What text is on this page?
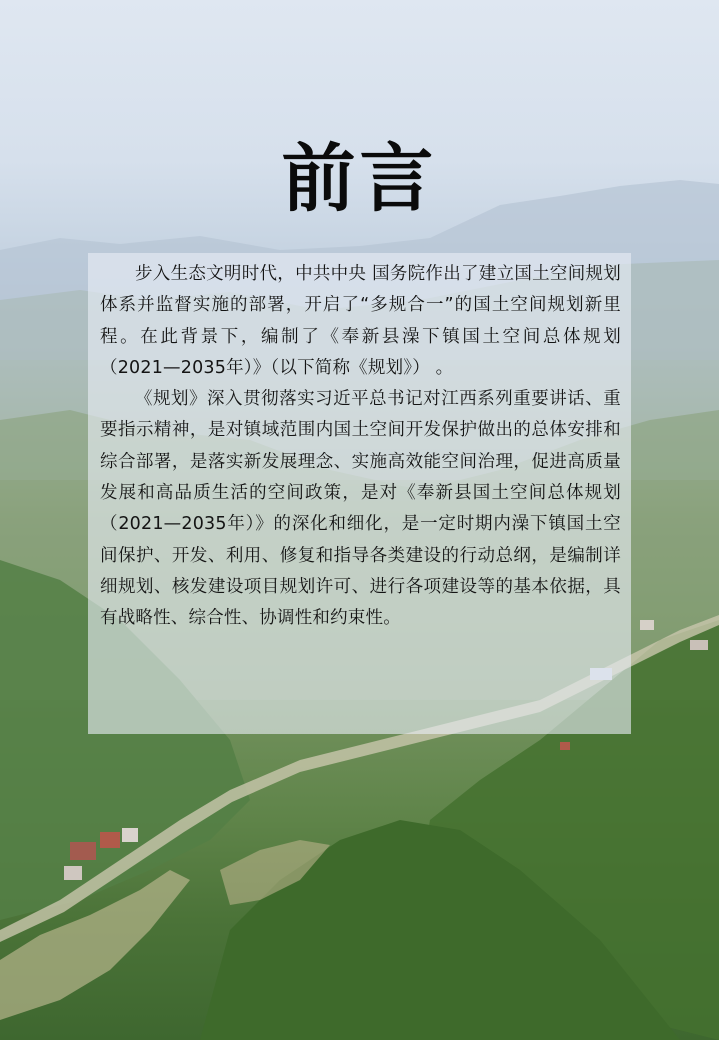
前言

步入生态文明时代，中共中央 国务院作出了建立国土空间规划体系并监督实施的部署，开启了“多规合一”的国土空间规划新里程。在此背景下，编制了《奉新县澡下镇国土空间总体规划（2021—2035年）》（以下简称《规划》） 。

《规划》深入贯彻落实习近平总书记对江西系列重要讲话、重要指示精神，是对镇域范围内国土空间开发保护做出的总体安排和综合部署，是落实新发展理念、实施高效能空间治理，促进高质量发展和高品质生活的空间政策，是对《奉新县国土空间总体规划（2021—2035年）》的深化和细化，是一定时期内澡下镇国土空间保护、开发、利用、修复和指导各类建设的行动总纲，是编制详细规划、核发建设项目规划许可、进行各项建设等的基本依据，具有战略性、综合性、协调性和约束性。
